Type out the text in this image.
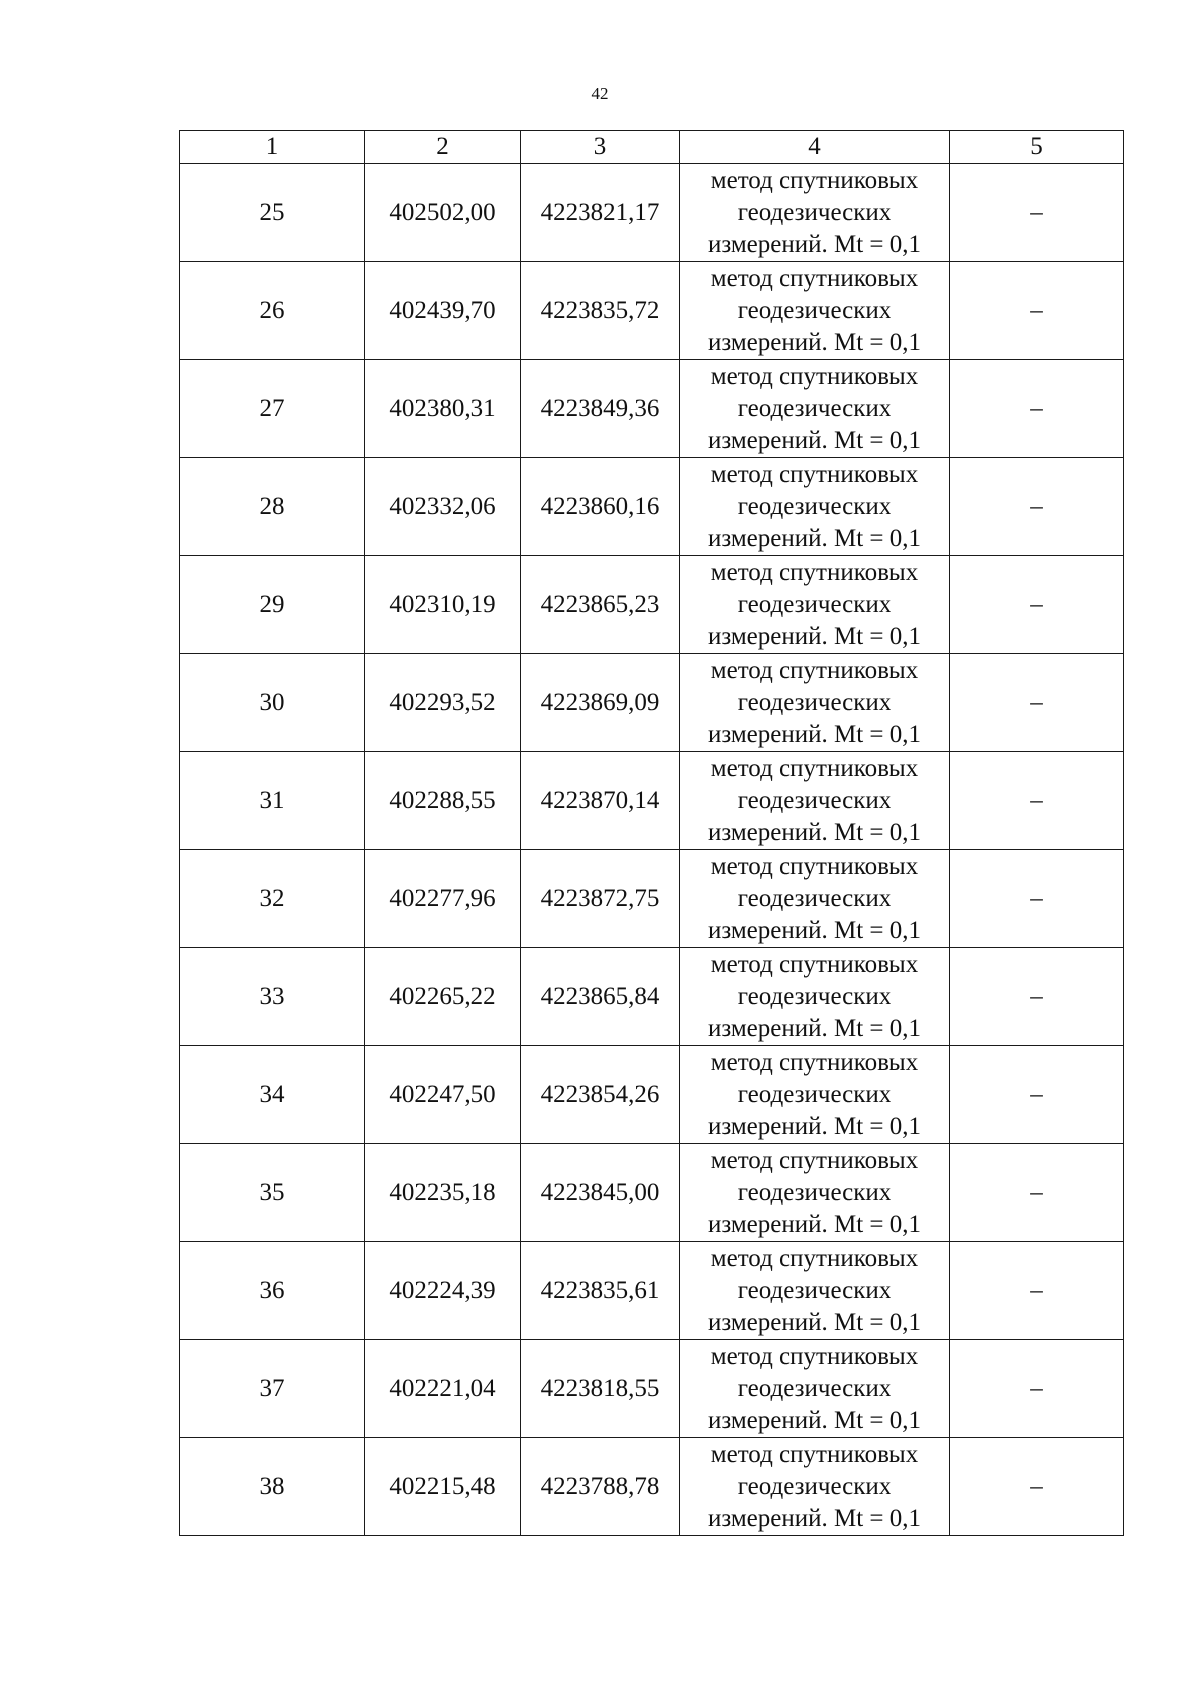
42
1	2	3	4	5
25	402502,00	4223821,17	метод спутниковых
геодезических
измерений. Mt = 0,1	–
26	402439,70	4223835,72	метод спутниковых
геодезических
измерений. Mt = 0,1	–
27	402380,31	4223849,36	метод спутниковых
геодезических
измерений. Mt = 0,1	–
28	402332,06	4223860,16	метод спутниковых
геодезических
измерений. Mt = 0,1	–
29	402310,19	4223865,23	метод спутниковых
геодезических
измерений. Mt = 0,1	–
30	402293,52	4223869,09	метод спутниковых
геодезических
измерений. Mt = 0,1	–
31	402288,55	4223870,14	метод спутниковых
геодезических
измерений. Mt = 0,1	–
32	402277,96	4223872,75	метод спутниковых
геодезических
измерений. Mt = 0,1	–
33	402265,22	4223865,84	метод спутниковых
геодезических
измерений. Mt = 0,1	–
34	402247,50	4223854,26	метод спутниковых
геодезических
измерений. Mt = 0,1	–
35	402235,18	4223845,00	метод спутниковых
геодезических
измерений. Mt = 0,1	–
36	402224,39	4223835,61	метод спутниковых
геодезических
измерений. Mt = 0,1	–
37	402221,04	4223818,55	метод спутниковых
геодезических
измерений. Mt = 0,1	–
38	402215,48	4223788,78	метод спутниковых
геодезических
измерений. Mt = 0,1	–
